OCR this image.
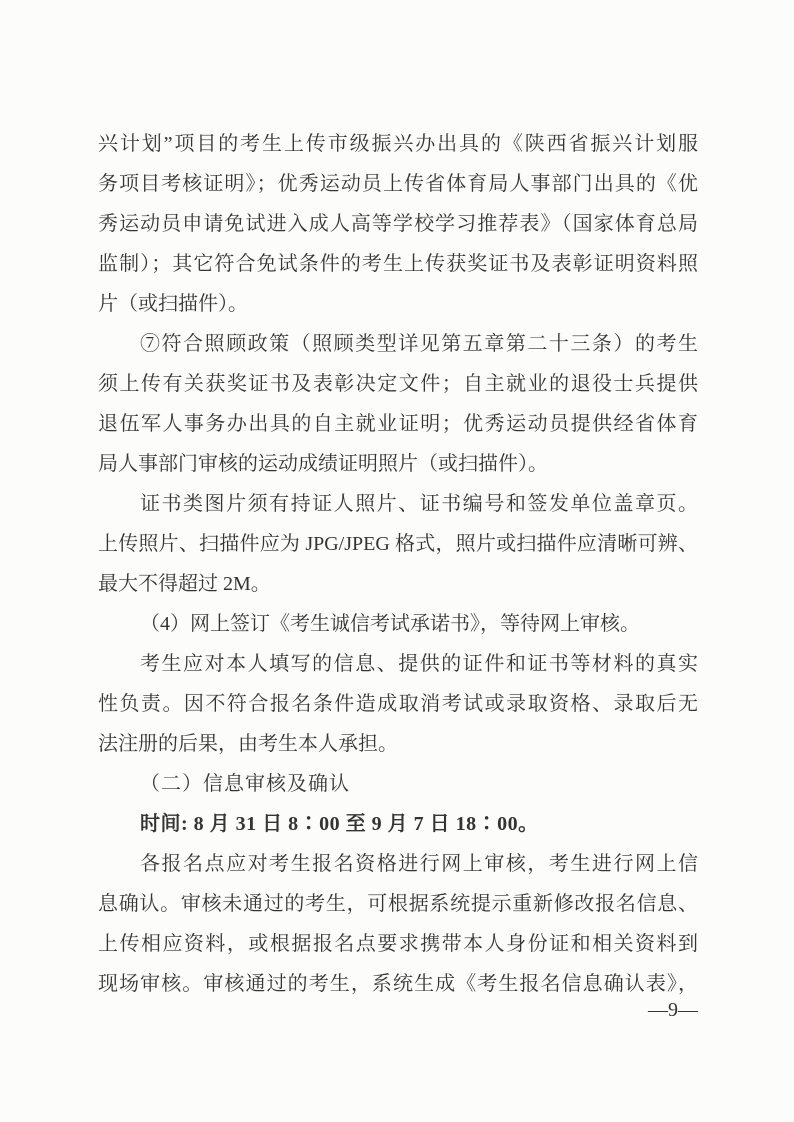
兴计划”项目的考生上传市级振兴办出具的《陕西省振兴计划服
务项目考核证明》；优秀运动员上传省体育局人事部门出具的《优
秀运动员申请免试进入成人高等学校学习推荐表》（国家体育总局
监制）；其它符合免试条件的考生上传获奖证书及表彰证明资料照
片（或扫描件）。
⑦符合照顾政策（照顾类型详见第五章第二十三条）的考生
须上传有关获奖证书及表彰决定文件；自主就业的退役士兵提供
退伍军人事务办出具的自主就业证明；优秀运动员提供经省体育
局人事部门审核的运动成绩证明照片（或扫描件）。
证书类图片须有持证人照片、证书编号和签发单位盖章页。
上传照片、扫描件应为 JPG/JPEG 格式，照片或扫描件应清晰可辨、
最大不得超过 2M。
（4）网上签订《考生诚信考试承诺书》，等待网上审核。
考生应对本人填写的信息、提供的证件和证书等材料的真实
性负责。因不符合报名条件造成取消考试或录取资格、录取后无
法注册的后果，由考生本人承担。
（二）信息审核及确认
时间: 8 月 31 日 8∶00 至 9 月 7 日 18∶00。
各报名点应对考生报名资格进行网上审核，考生进行网上信
息确认。审核未通过的考生，可根据系统提示重新修改报名信息、
上传相应资料，或根据报名点要求携带本人身份证和相关资料到
现场审核。审核通过的考生，系统生成《考生报名信息确认表》，
—9—
